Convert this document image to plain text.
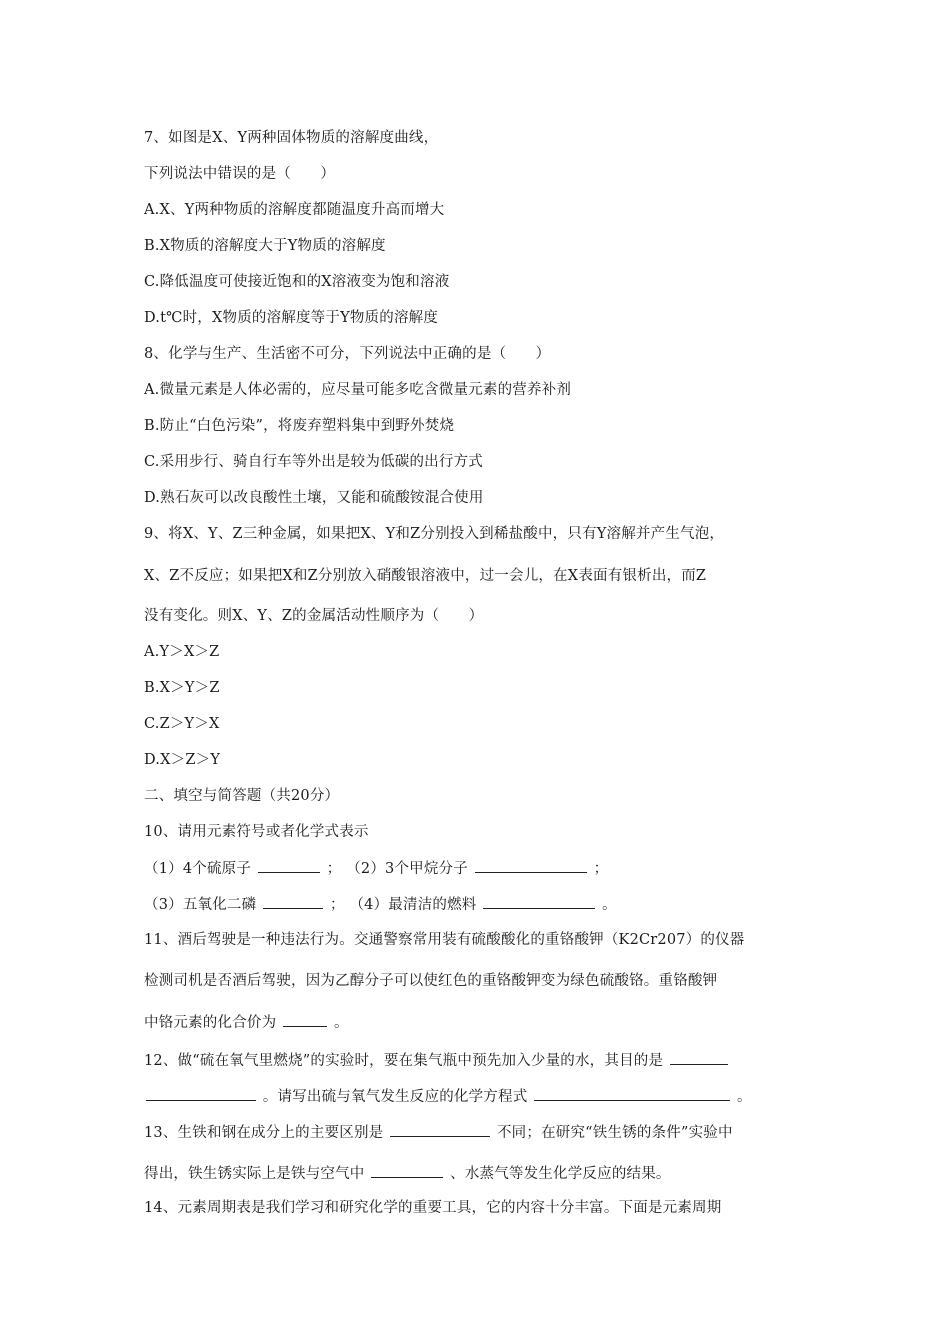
7、如图是X、Y两种固体物质的溶解度曲线，
下列说法中错误的是（　　）
A.X、Y两种物质的溶解度都随温度升高而增大
B.X物质的溶解度大于Y物质的溶解度
C.降低温度可使接近饱和的X溶液变为饱和溶液
D.t℃时，X物质的溶解度等于Y物质的溶解度
8、化学与生产、生活密不可分，下列说法中正确的是（　　）
A.微量元素是人体必需的，应尽量可能多吃含微量元素的营养补剂
B.防止“白色污染”，将废弃塑料集中到野外焚烧
C.采用步行、骑自行车等外出是较为低碳的出行方式
D.熟石灰可以改良酸性土壤，又能和硫酸铵混合使用
9、将X、Y、Z三种金属，如果把X、Y和Z分别投入到稀盐酸中，只有Y溶解并产生气泡，
X、Z不反应；如果把X和Z分别放入硝酸银溶液中，过一会儿，在X表面有银析出，而Z
没有变化。则X、Y、Z的金属活动性顺序为（　　）
A.Y＞X＞Z
B.X＞Y＞Z
C.Z＞Y＞X
D.X＞Z＞Y
二、填空与简答题（共20分）
10、请用元素符号或者化学式表示
（1）4个硫原子	； （2）3个甲烷分子	；
（3）五氧化二磷	； （4）最清洁的燃料	。
11、酒后驾驶是一种违法行为。交通警察常用装有硫酸酸化的重铬酸钾（K2Cr207）的仪器
检测司机是否酒后驾驶，因为乙醇分子可以使红色的重铬酸钾变为绿色硫酸铬。重铬酸钾
中铬元素的化合价为	。
12、做“硫在氧气里燃烧”的实验时，要在集气瓶中预先加入少量的水，其目的是
。请写出硫与氧气发生反应的化学方程式	。
13、生铁和钢在成分上的主要区别是	不同；在研究“铁生锈的条件”实验中
得出，铁生锈实际上是铁与空气中	、水蒸气等发生化学反应的结果。
14、元素周期表是我们学习和研究化学的重要工具，它的内容十分丰富。下面是元素周期
